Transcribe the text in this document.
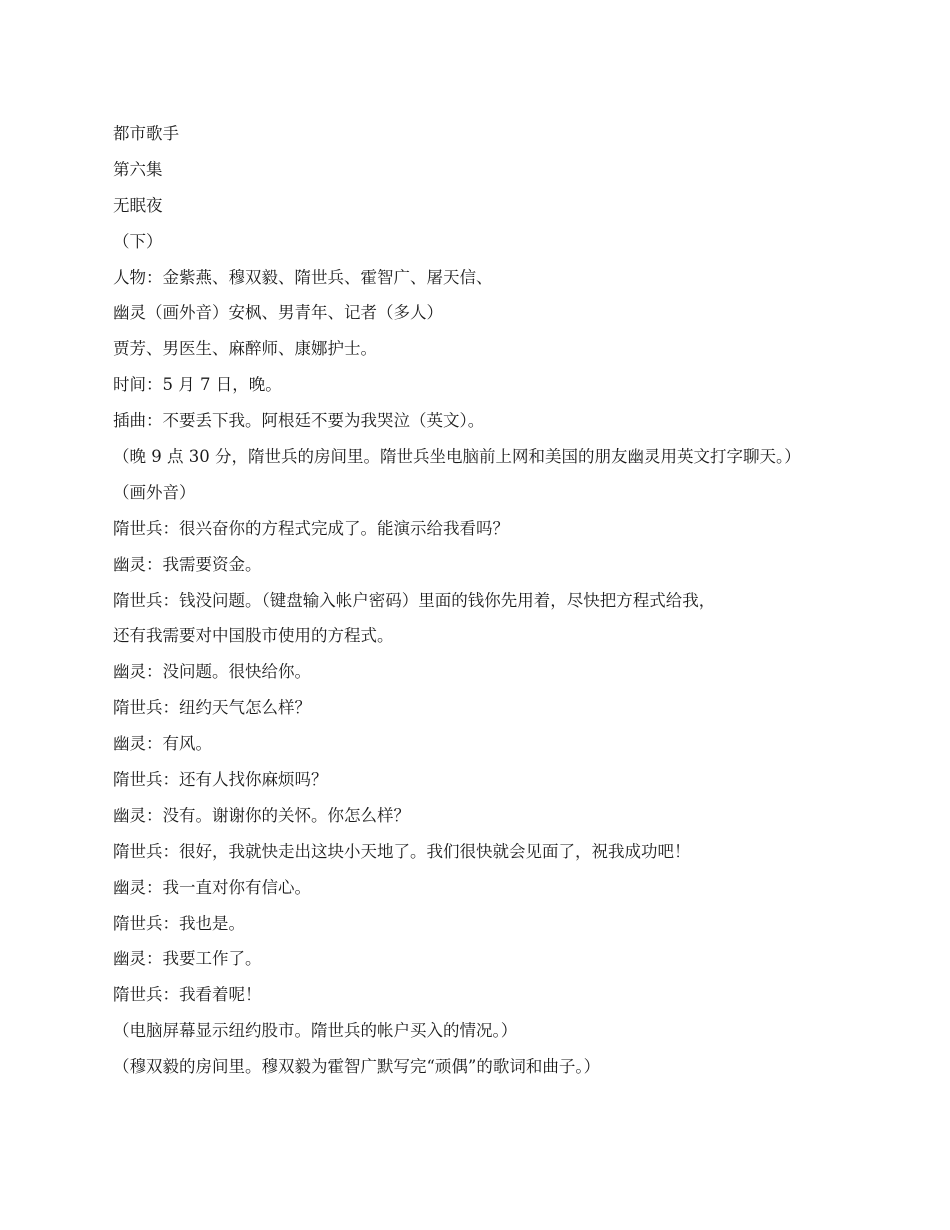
都市歌手

第六集

无眠夜

（下）

人物：金紫燕、穆双毅、隋世兵、霍智广、屠天信、

幽灵（画外音）安枫、男青年、记者（多人）

贾芳、男医生、麻醉师、康娜护士。

时间：5 月 7 日，晚。

插曲：不要丢下我。阿根廷不要为我哭泣（英文）。

（晚 9 点 30 分，隋世兵的房间里。隋世兵坐电脑前上网和美国的朋友幽灵用英文打字聊天。）

（画外音）

隋世兵：很兴奋你的方程式完成了。能演示给我看吗？

幽灵：我需要资金。

隋世兵：钱没问题。（键盘输入帐户密码）里面的钱你先用着，尽快把方程式给我，

还有我需要对中国股市使用的方程式。

幽灵：没问题。很快给你。

隋世兵：纽约天气怎么样？

幽灵：有风。

隋世兵：还有人找你麻烦吗？

幽灵：没有。谢谢你的关怀。你怎么样？

隋世兵：很好，我就快走出这块小天地了。我们很快就会见面了，祝我成功吧！

幽灵：我一直对你有信心。

隋世兵：我也是。

幽灵：我要工作了。

隋世兵：我看着呢！

（电脑屏幕显示纽约股市。隋世兵的帐户买入的情况。）

（穆双毅的房间里。穆双毅为霍智广默写完“顽偶”的歌词和曲子。）
